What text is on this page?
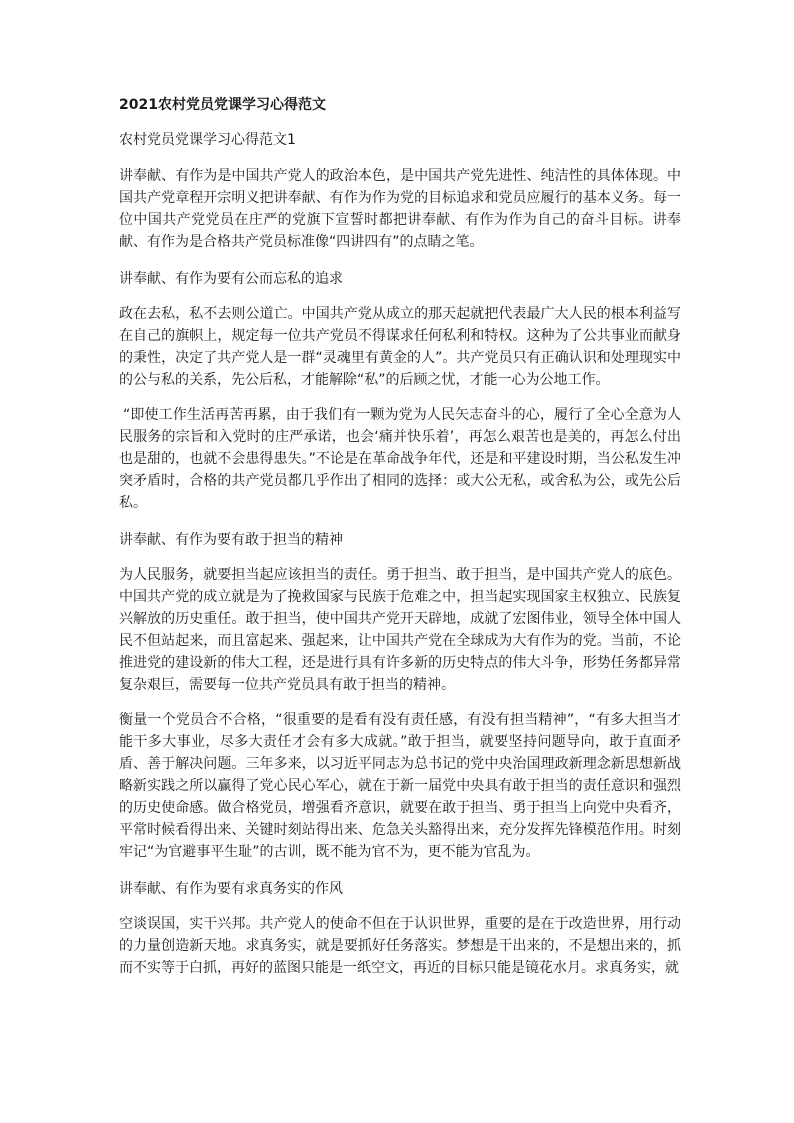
2021农村党员党课学习心得范文

农村党员党课学习心得范文1

讲奉献、有作为是中国共产党人的政治本色，是中国共产党先进性、纯洁性的具体体现。中国共产党章程开宗明义把讲奉献、有作为作为党的目标追求和党员应履行的基本义务。每一位中国共产党党员在庄严的党旗下宣誓时都把讲奉献、有作为作为自己的奋斗目标。讲奉献、有作为是合格共产党员标准像“四讲四有”的点睛之笔。

讲奉献、有作为要有公而忘私的追求

政在去私，私不去则公道亡。中国共产党从成立的那天起就把代表最广大人民的根本利益写在自己的旗帜上，规定每一位共产党员不得谋求任何私利和特权。这种为了公共事业而献身的秉性，决定了共产党人是一群“灵魂里有黄金的人”。共产党员只有正确认识和处理现实中的公与私的关系，先公后私，才能解除“私”的后顾之忧，才能一心为公地工作。

“即使工作生活再苦再累，由于我们有一颗为党为人民矢志奋斗的心，履行了全心全意为人民服务的宗旨和入党时的庄严承诺，也会‘痛并快乐着’，再怎么艰苦也是美的，再怎么付出也是甜的，也就不会患得患失。”不论是在革命战争年代，还是和平建设时期，当公私发生冲突矛盾时，合格的共产党员都几乎作出了相同的选择：或大公无私，或舍私为公，或先公后私。

讲奉献、有作为要有敢于担当的精神

为人民服务，就要担当起应该担当的责任。勇于担当、敢于担当，是中国共产党人的底色。中国共产党的成立就是为了挽救国家与民族于危难之中，担当起实现国家主权独立、民族复兴解放的历史重任。敢于担当，使中国共产党开天辟地，成就了宏图伟业，领导全体中国人民不但站起来，而且富起来、强起来，让中国共产党在全球成为大有作为的党。当前，不论推进党的建设新的伟大工程，还是进行具有许多新的历史特点的伟大斗争，形势任务都异常复杂艰巨，需要每一位共产党员具有敢于担当的精神。

衡量一个党员合不合格，“很重要的是看有没有责任感，有没有担当精神”，“有多大担当才能干多大事业，尽多大责任才会有多大成就。”敢于担当，就要坚持问题导向，敢于直面矛盾、善于解决问题。三年多来，以习近平同志为总书记的党中央治国理政新理念新思想新战略新实践之所以赢得了党心民心军心，就在于新一届党中央具有敢于担当的责任意识和强烈的历史使命感。做合格党员，增强看齐意识，就要在敢于担当、勇于担当上向党中央看齐，平常时候看得出来、关键时刻站得出来、危急关头豁得出来，充分发挥先锋模范作用。时刻牢记“为官避事平生耻”的古训，既不能为官不为，更不能为官乱为。

讲奉献、有作为要有求真务实的作风

空谈误国，实干兴邦。共产党人的使命不但在于认识世界，重要的是在于改造世界，用行动的力量创造新天地。求真务实，就是要抓好任务落实。梦想是干出来的，不是想出来的，抓而不实等于白抓，再好的蓝图只能是一纸空文，再近的目标只能是镜花水月。求真务实，就
